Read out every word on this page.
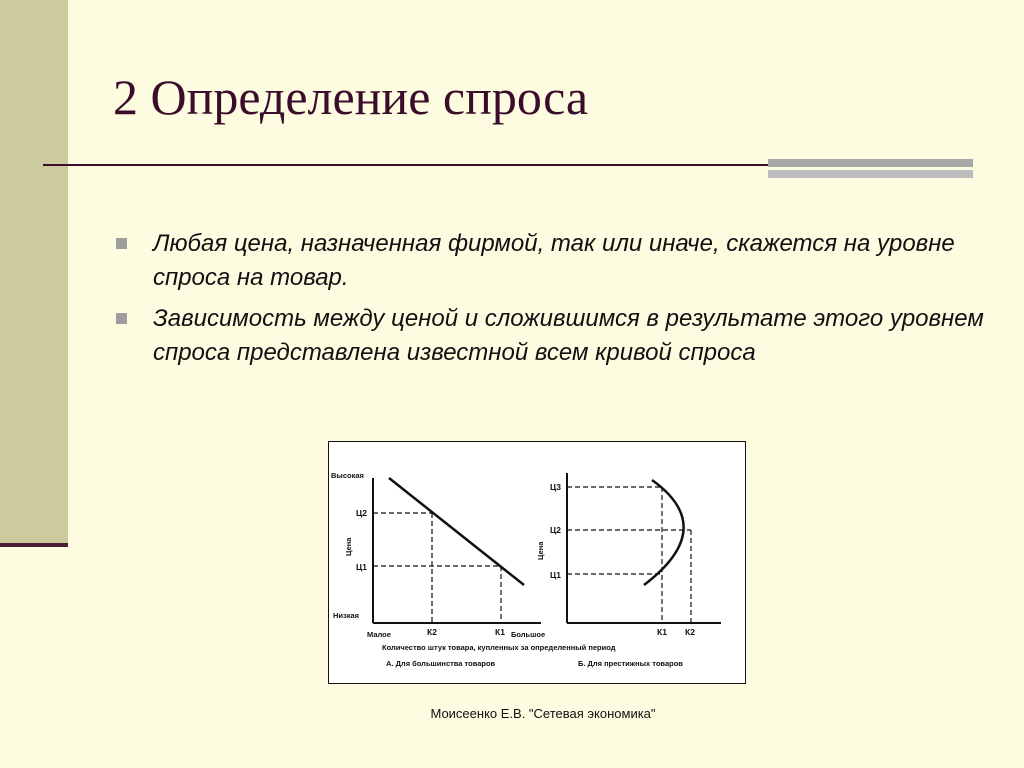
2 Определение спроса
Любая цена, назначенная фирмой, так или иначе, скажется на уровне спроса на товар.
Зависимость между ценой и сложившимся в результате этого уровнем спроса представлена известной всем кривой спроса
Высокая
Низкая
Ц2
Ц1
Цена
Малое	К2	К1 Большое
Ц3
Ц2
Ц1
Цена
К1 К2
Количество штук товара, купленных за определенный период
А. Для большинства товаров	Б. Для престижных товаров
Моисеенко Е.В. "Сетевая экономика"
